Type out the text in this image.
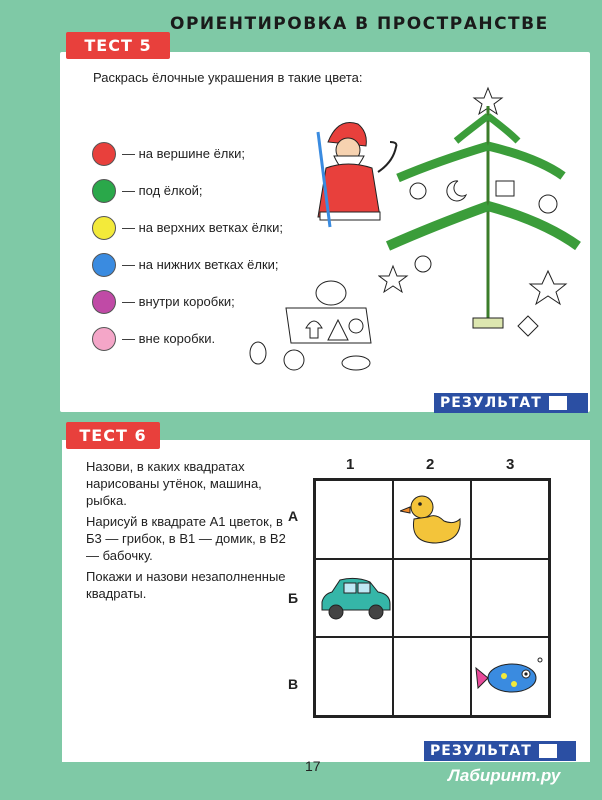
ОРИЕНТИРОВКА В ПРОСТРАНСТВЕ
ТЕСТ 5
Раскрась ёлочные украшения в такие цвета:
— на вершине ёлки;
— под ёлкой;
— на верхних ветках ёлки;
— на нижних ветках ёлки;
— внутри коробки;
— вне коробки.
РЕЗУЛЬТАТ
ТЕСТ 6

Назови, в каких квадратах нарисованы утёнок, машина, рыбка.

Нарисуй в квадрате А1 цветок, в Б3 — грибок, в В1 — домик, в В2 — бабочку.

Покажи и назови незаполненные квадраты.

1	2	3
А
Б
В
РЕЗУЛЬТАТ
17	Лабиринт.ру
